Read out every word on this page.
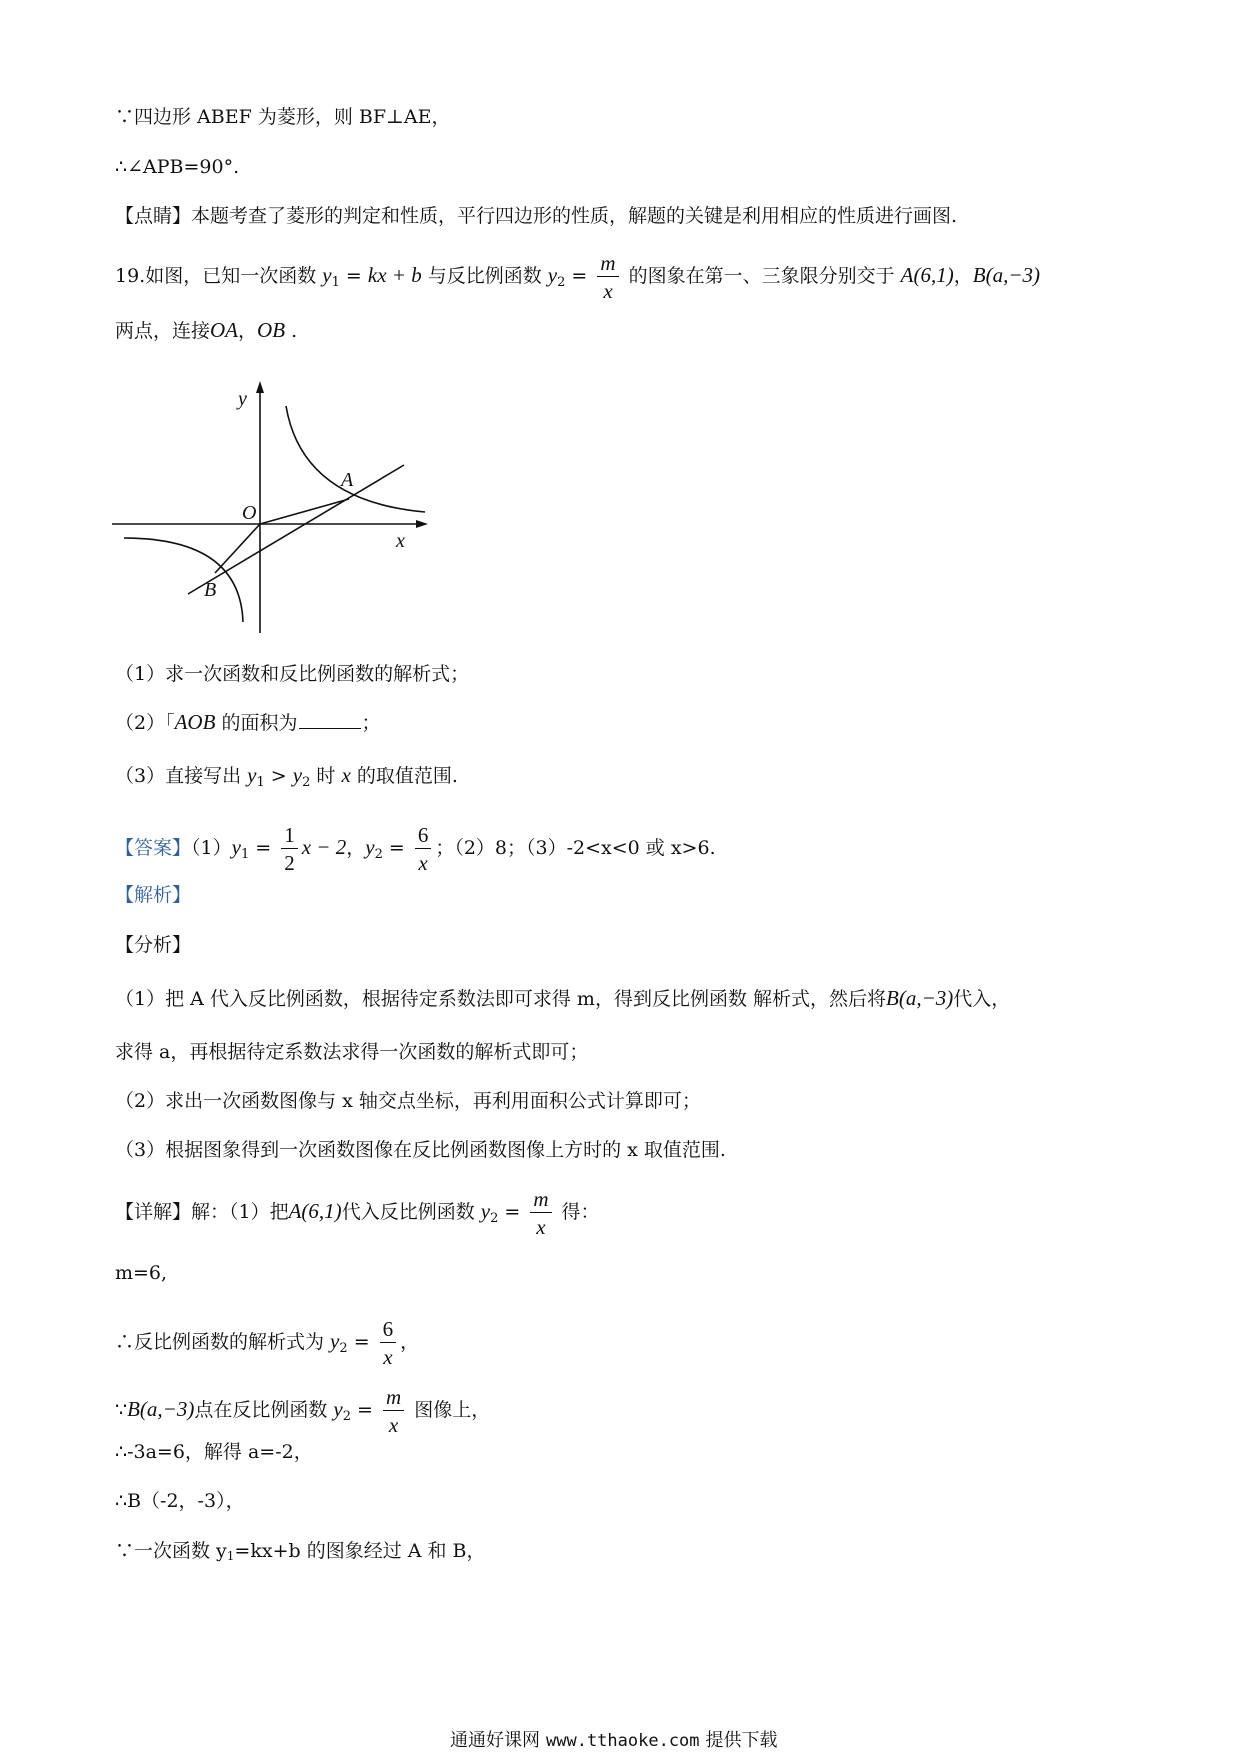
∵四边形 ABEF 为菱形，则 BF⊥AE，
∴∠APB=90°.
【点睛】本题考查了菱形的判定和性质，平行四边形的性质，解题的关键是利用相应的性质进行画图.
19.如图，已知一次函数 $y_1$ = kx + b 与反比例函数 $y_2 = \frac{m}{x}$ 的图象在第一、三象限分别交于 A(6,1)，B(a,−3)
两点，连接OA，OB .
y
x
O
A
B
（1）求一次函数和反比例函数的解析式；
（2）「AOB 的面积为	；
（3）直接写出 $y_1 > y_2$ 时 x 的取值范围.
【答案】$(1)y_1 = \frac{1}{2}$ x − 2，$y_2 = \frac{6}{x}$ ；（2）8；（3）-2<x<0 或 x>6.
【解析】
【分析】
（1）把 A 代入反比例函数，根据待定系数法即可求得 m，得到反比例函数 解析式，然后将B(a,−3)代入，
求得 a，再根据待定系数法求得一次函数的解析式即可；
（2）求出一次函数图像与 x 轴交点坐标，再利用面积公式计算即可；
（3）根据图象得到一次函数图像在反比例函数图像上方时的 x 取值范围.
【详解】解：（1）把A(6,1)代入反比例函数 $y_2 = \frac{m}{x}$ 得：
m=6,
∴反比例函数的解析式为 $y_2 = \frac{6}{x}$ ，
∵B(a,−3)点在反比例函数 $y_2 = \frac{m}{x}$ 图像上，
∴-3a=6，解得 a=-2，
∴B（-2，-3），
∵一次函数 y1=kx+b 的图象经过 A 和 B，
通通好课网 www.tthaoke.com 提供下载
